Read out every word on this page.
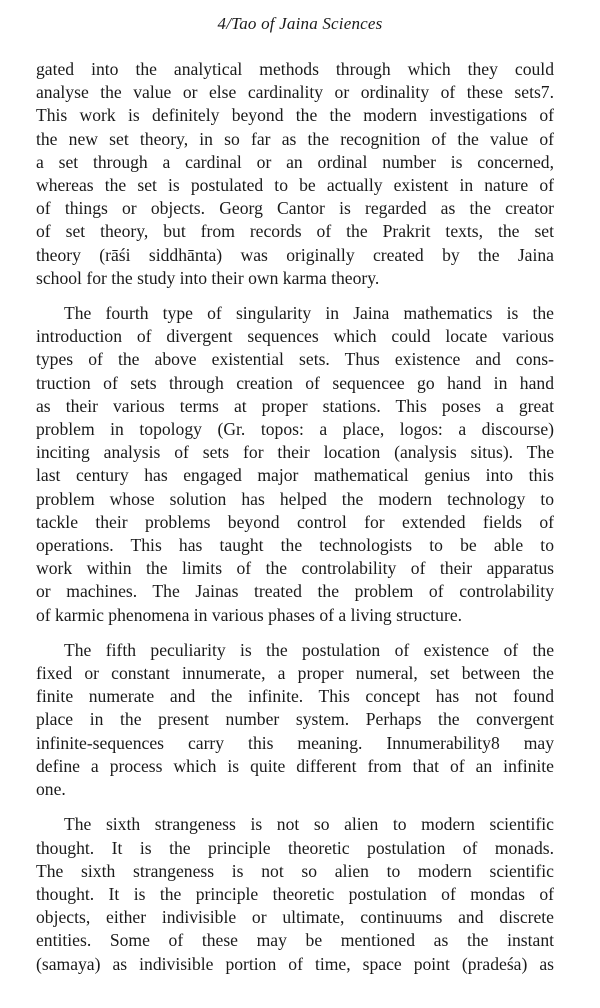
4/Tao of Jaina Sciences

gated into the analytical methods through which they could
analyse the value or else cardinality or ordinality of these sets7.
This work is definitely beyond the the modern investigations of
the new set theory, in so far as the recognition of the value of
a set through a cardinal or an ordinal number is concerned,
whereas the set is postulated to be actually existent in nature of
of things or objects. Georg Cantor is regarded as the creator
of set theory, but from records of the Prakrit texts, the set
theory (rāśi siddhānta) was originally created by the Jaina
school for the study into their own karma theory.

The fourth type of singularity in Jaina mathematics is the
introduction of divergent sequences which could locate various
types of the above existential sets. Thus existence and cons-
truction of sets through creation of sequencee go hand in hand
as their various terms at proper stations. This poses a great
problem in topology (Gr. topos: a place, logos: a discourse)
inciting analysis of sets for their location (analysis situs). The
last century has engaged major mathematical genius into this
problem whose solution has helped the modern technology to
tackle their problems beyond control for extended fields of
operations. This has taught the technologists to be able to
work within the limits of the controlability of their apparatus
or machines. The Jainas treated the problem of controlability
of karmic phenomena in various phases of a living structure.

The fifth peculiarity is the postulation of existence of the
fixed or constant innumerate, a proper numeral, set between the
finite numerate and the infinite. This concept has not found
place in the present number system. Perhaps the convergent
infinite-sequences carry this meaning. Innumerability8 may
define a process which is quite different from that of an infinite
one.

The sixth strangeness is not so alien to modern scientific
thought. It is the principle theoretic postulation of monads.
The sixth strangeness is not so alien to modern scientific
thought. It is the principle theoretic postulation of mondas of
objects, either indivisible or ultimate, continuums and discrete
entities. Some of these may be mentioned as the instant
(samaya) as indivisible portion of time, space point (pradeśa) as
